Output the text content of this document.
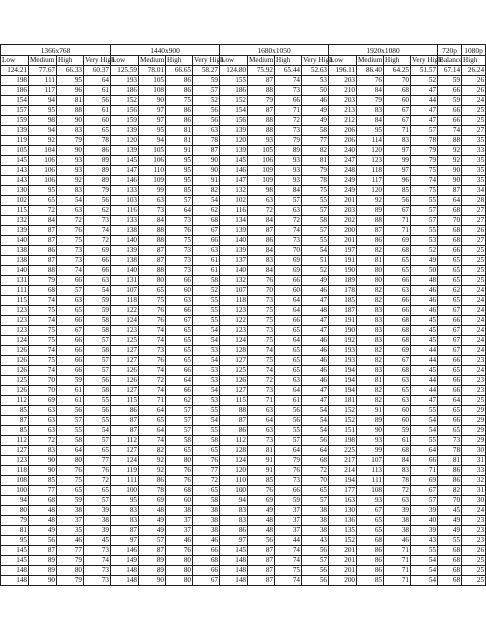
1366x768				1440x900				1680x1050				1920x1080				720p	1080p
Low	Medium	High	Very High	Low	Medium	High	Very High	Low	Medium	High	Very High	Low	Medium	High	Very High	Balance	High
124.21	77.67	66.33	60.37	125.59	78.01	66.65	58.27	124.80	75.92	65.44	52.63	196.11	86.40	64.25	51.57	67.14	26.24
198	111	95	64	193	105	86	59	155	87	74	53	203	76	70	52	59	26
186	117	96	61	186	108	86	57	186	88	73	50	210	84	68	47	66	26
154	94	81	56	152	90	75	52	152	79	66	46	203	79	60	44	59	24
157	95	88	61	156	97	86	56	154	87	71	49	213	83	67	47	66	25
159	98	90	60	159	97	86	56	156	88	72	49	212	84	67	47	66	25
139	94	83	65	139	95	81	63	139	88	73	58	206	95	71	57	74	27
119	92	79	78	120	94	81	78	120	93	79	77	206	114	83	78	88	35
105	104	90	86	139	105	91	87	139	105	89	82	240	120	97	79	92	33
145	106	93	89	145	106	95	90	145	106	93	81	247	123	99	79	92	35
143	106	93	89	147	110	95	90	146	109	93	79	248	118	97	75	90	35
143	106	92	89	146	109	95	91	147	109	93	78	249	117	96	74	90	35
130	95	83	79	133	99	85	82	132	98	84	75	249	120	85	75	87	34
102	65	54	56	103	63	57	54	102	63	57	55	201	92	56	55	64	28
115	72	63	62	116	73	64	62	116	72	63	57	203	89	67	57	68	27
132	84	72	73	133	84	73	68	134	84	72	58	202	88	71	57	70	27
139	87	76	74	138	88	76	67	139	87	74	57	200	87	71	55	68	26
140	87	75	72	140	88	75	66	140	86	73	55	201	86	69	53	68	27
138	86	73	69	139	87	73	63	139	84	70	54	197	82	68	52	66	25
138	87	73	66	138	87	73	61	137	83	69	51	191	81	65	49	65	25
140	88	74	66	140	88	73	61	140	84	69	52	190	80	65	50	65	25
131	79	66	63	131	80	66	58	132	76	66	49	189	80	66	48	65	25
111	68	57	54	107	65	60	52	107	70	60	46	178	82	63	46	62	24
115	74	63	59	118	75	63	55	118	73	64	47	185	82	66	46	65	24
123	75	65	59	122	76	66	55	123	75	64	48	187	83	66	46	67	24
123	74	66	58	124	76	67	55	122	75	66	47	191	83	68	45	66	24
123	75	67	58	123	74	65	54	123	73	65	47	190	83	68	45	67	24
124	75	66	57	125	74	65	54	124	75	64	46	192	83	68	45	67	24
126	74	66	58	127	73	65	53	128	74	65	46	193	82	69	44	67	24
126	75	66	57	127	76	65	54	127	75	65	46	193	82	67	44	66	23
126	74	66	57	126	74	66	53	125	74	65	46	194	83	68	45	65	24
125	70	59	56	126	72	64	53	126	72	63	46	194	81	63	44	66	23
126	70	61	58	127	74	66	54	127	73	64	47	194	82	65	44	66	23
112	69	61	55	115	71	62	53	115	71	61	47	181	82	63	47	64	25
85	63	56	56	86	64	57	55	88	63	56	54	152	91	60	55	65	29
87	63	57	55	87	65	57	54	87	64	56	54	152	89	60	54	66	29
85	63	55	54	87	64	57	55	86	63	55	54	151	90	59	54	65	29
112	72	58	57	112	74	58	58	112	73	57	56	198	93	61	55	73	29
127	83	64	65	127	82	65	65	128	81	64	64	225	99	68	64	78	30
123	90	80	77	124	92	80	76	124	91	79	68	217	107	84	66	81	31
118	90	76	76	119	92	76	77	120	91	76	72	214	113	83	71	86	33
108	85	75	72	111	86	76	72	110	85	73	70	194	111	78	69	86	32
100	77	65	65	100	78	68	65	100	76	66	65	177	108	72	67	82	31
94	68	59	57	95	69	60	58	94	69	59	57	163	93	63	57	70	30
80	48	38	39	83	48	38	38	83	49	37	38	130	67	39	39	45	24
79	48	37	38	83	49	37	38	83	48	37	38	136	65	38	40	49	23
81	49	35	39	87	49	37	38	86	48	37	38	135	65	38	39	49	23
95	56	46	45	97	57	46	46	97	56	44	43	152	68	46	43	55	23
145	87	77	73	146	87	76	66	145	87	74	56	201	86	71	55	68	26
145	89	79	74	149	89	80	68	148	87	74	57	201	86	71	54	68	25
148	89	80	73	148	89	80	66	148	87	75	56	201	86	71	54	68	25
148	90	79	73	148	90	80	67	148	87	74	56	200	85	71	54	68	25
